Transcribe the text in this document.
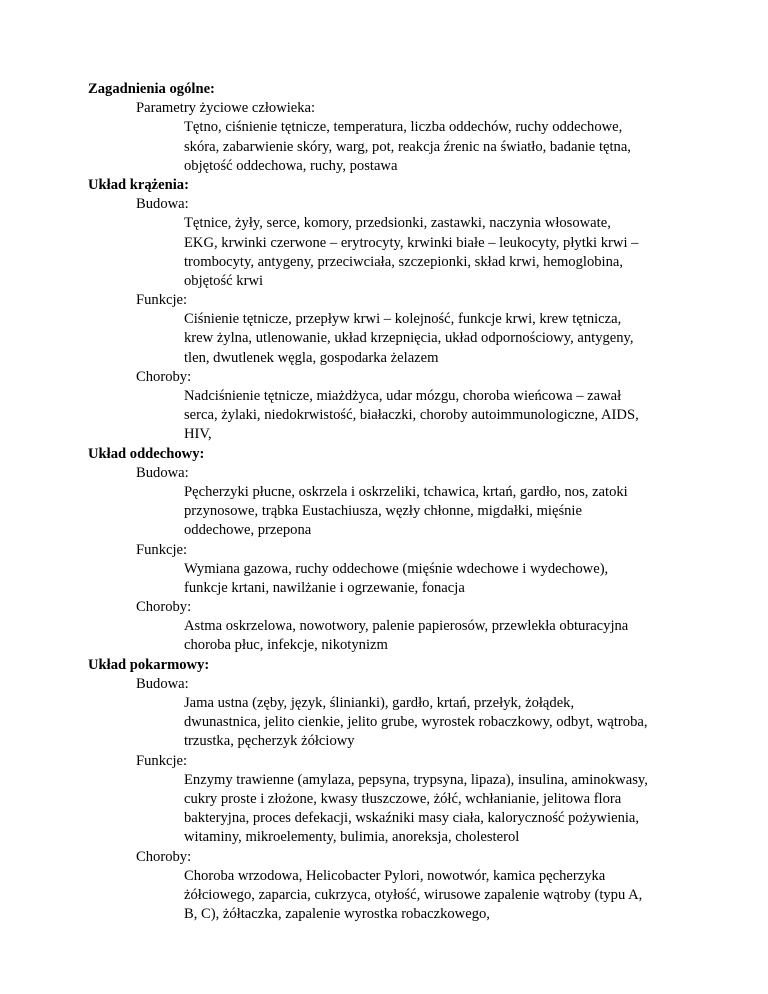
Zagadnienia ogólne:
Parametry życiowe człowieka:
Tętno, ciśnienie tętnicze, temperatura, liczba oddechów, ruchy oddechowe,
skóra, zabarwienie skóry, warg, pot, reakcja źrenic na światło, badanie tętna,
objętość oddechowa, ruchy, postawa
Układ krążenia:
Budowa:
Tętnice, żyły, serce, komory, przedsionki, zastawki, naczynia włosowate,
EKG, krwinki czerwone – erytrocyty, krwinki białe – leukocyty, płytki krwi –
trombocyty, antygeny, przeciwciała, szczepionki, skład krwi, hemoglobina,
objętość krwi
Funkcje:
Ciśnienie tętnicze, przepływ krwi – kolejność, funkcje krwi, krew tętnicza,
krew żylna, utlenowanie, układ krzepnięcia, układ odpornościowy, antygeny,
tlen, dwutlenek węgla, gospodarka żelazem
Choroby:
Nadciśnienie tętnicze, miażdżyca, udar mózgu, choroba wieńcowa – zawał
serca, żylaki, niedokrwistość, białaczki, choroby autoimmunologiczne, AIDS,
HIV,
Układ oddechowy:
Budowa:
Pęcherzyki płucne, oskrzela i oskrzeliki, tchawica, krtań, gardło, nos, zatoki
przynosowe, trąbka Eustachiusza, węzły chłonne, migdałki, mięśnie
oddechowe, przepona
Funkcje:
Wymiana gazowa, ruchy oddechowe (mięśnie wdechowe i wydechowe),
funkcje krtani, nawilżanie i ogrzewanie, fonacja
Choroby:
Astma oskrzelowa, nowotwory, palenie papierosów, przewlekła obturacyjna
choroba płuc, infekcje, nikotynizm
Układ pokarmowy:
Budowa:
Jama ustna (zęby, język, ślinianki), gardło, krtań, przełyk, żołądek,
dwunastnica, jelito cienkie, jelito grube, wyrostek robaczkowy, odbyt, wątroba,
trzustka, pęcherzyk żółciowy
Funkcje:
Enzymy trawienne (amylaza, pepsyna, trypsyna, lipaza), insulina, aminokwasy,
cukry proste i złożone, kwasy tłuszczowe, żółć, wchłanianie, jelitowa flora
bakteryjna, proces defekacji, wskaźniki masy ciała, kaloryczność pożywienia,
witaminy, mikroelementy, bulimia, anoreksja, cholesterol
Choroby:
Choroba wrzodowa, Helicobacter Pylori, nowotwór, kamica pęcherzyka
żółciowego, zaparcia, cukrzyca, otyłość, wirusowe zapalenie wątroby (typu A,
B, C), żółtaczka, zapalenie wyrostka robaczkowego,
